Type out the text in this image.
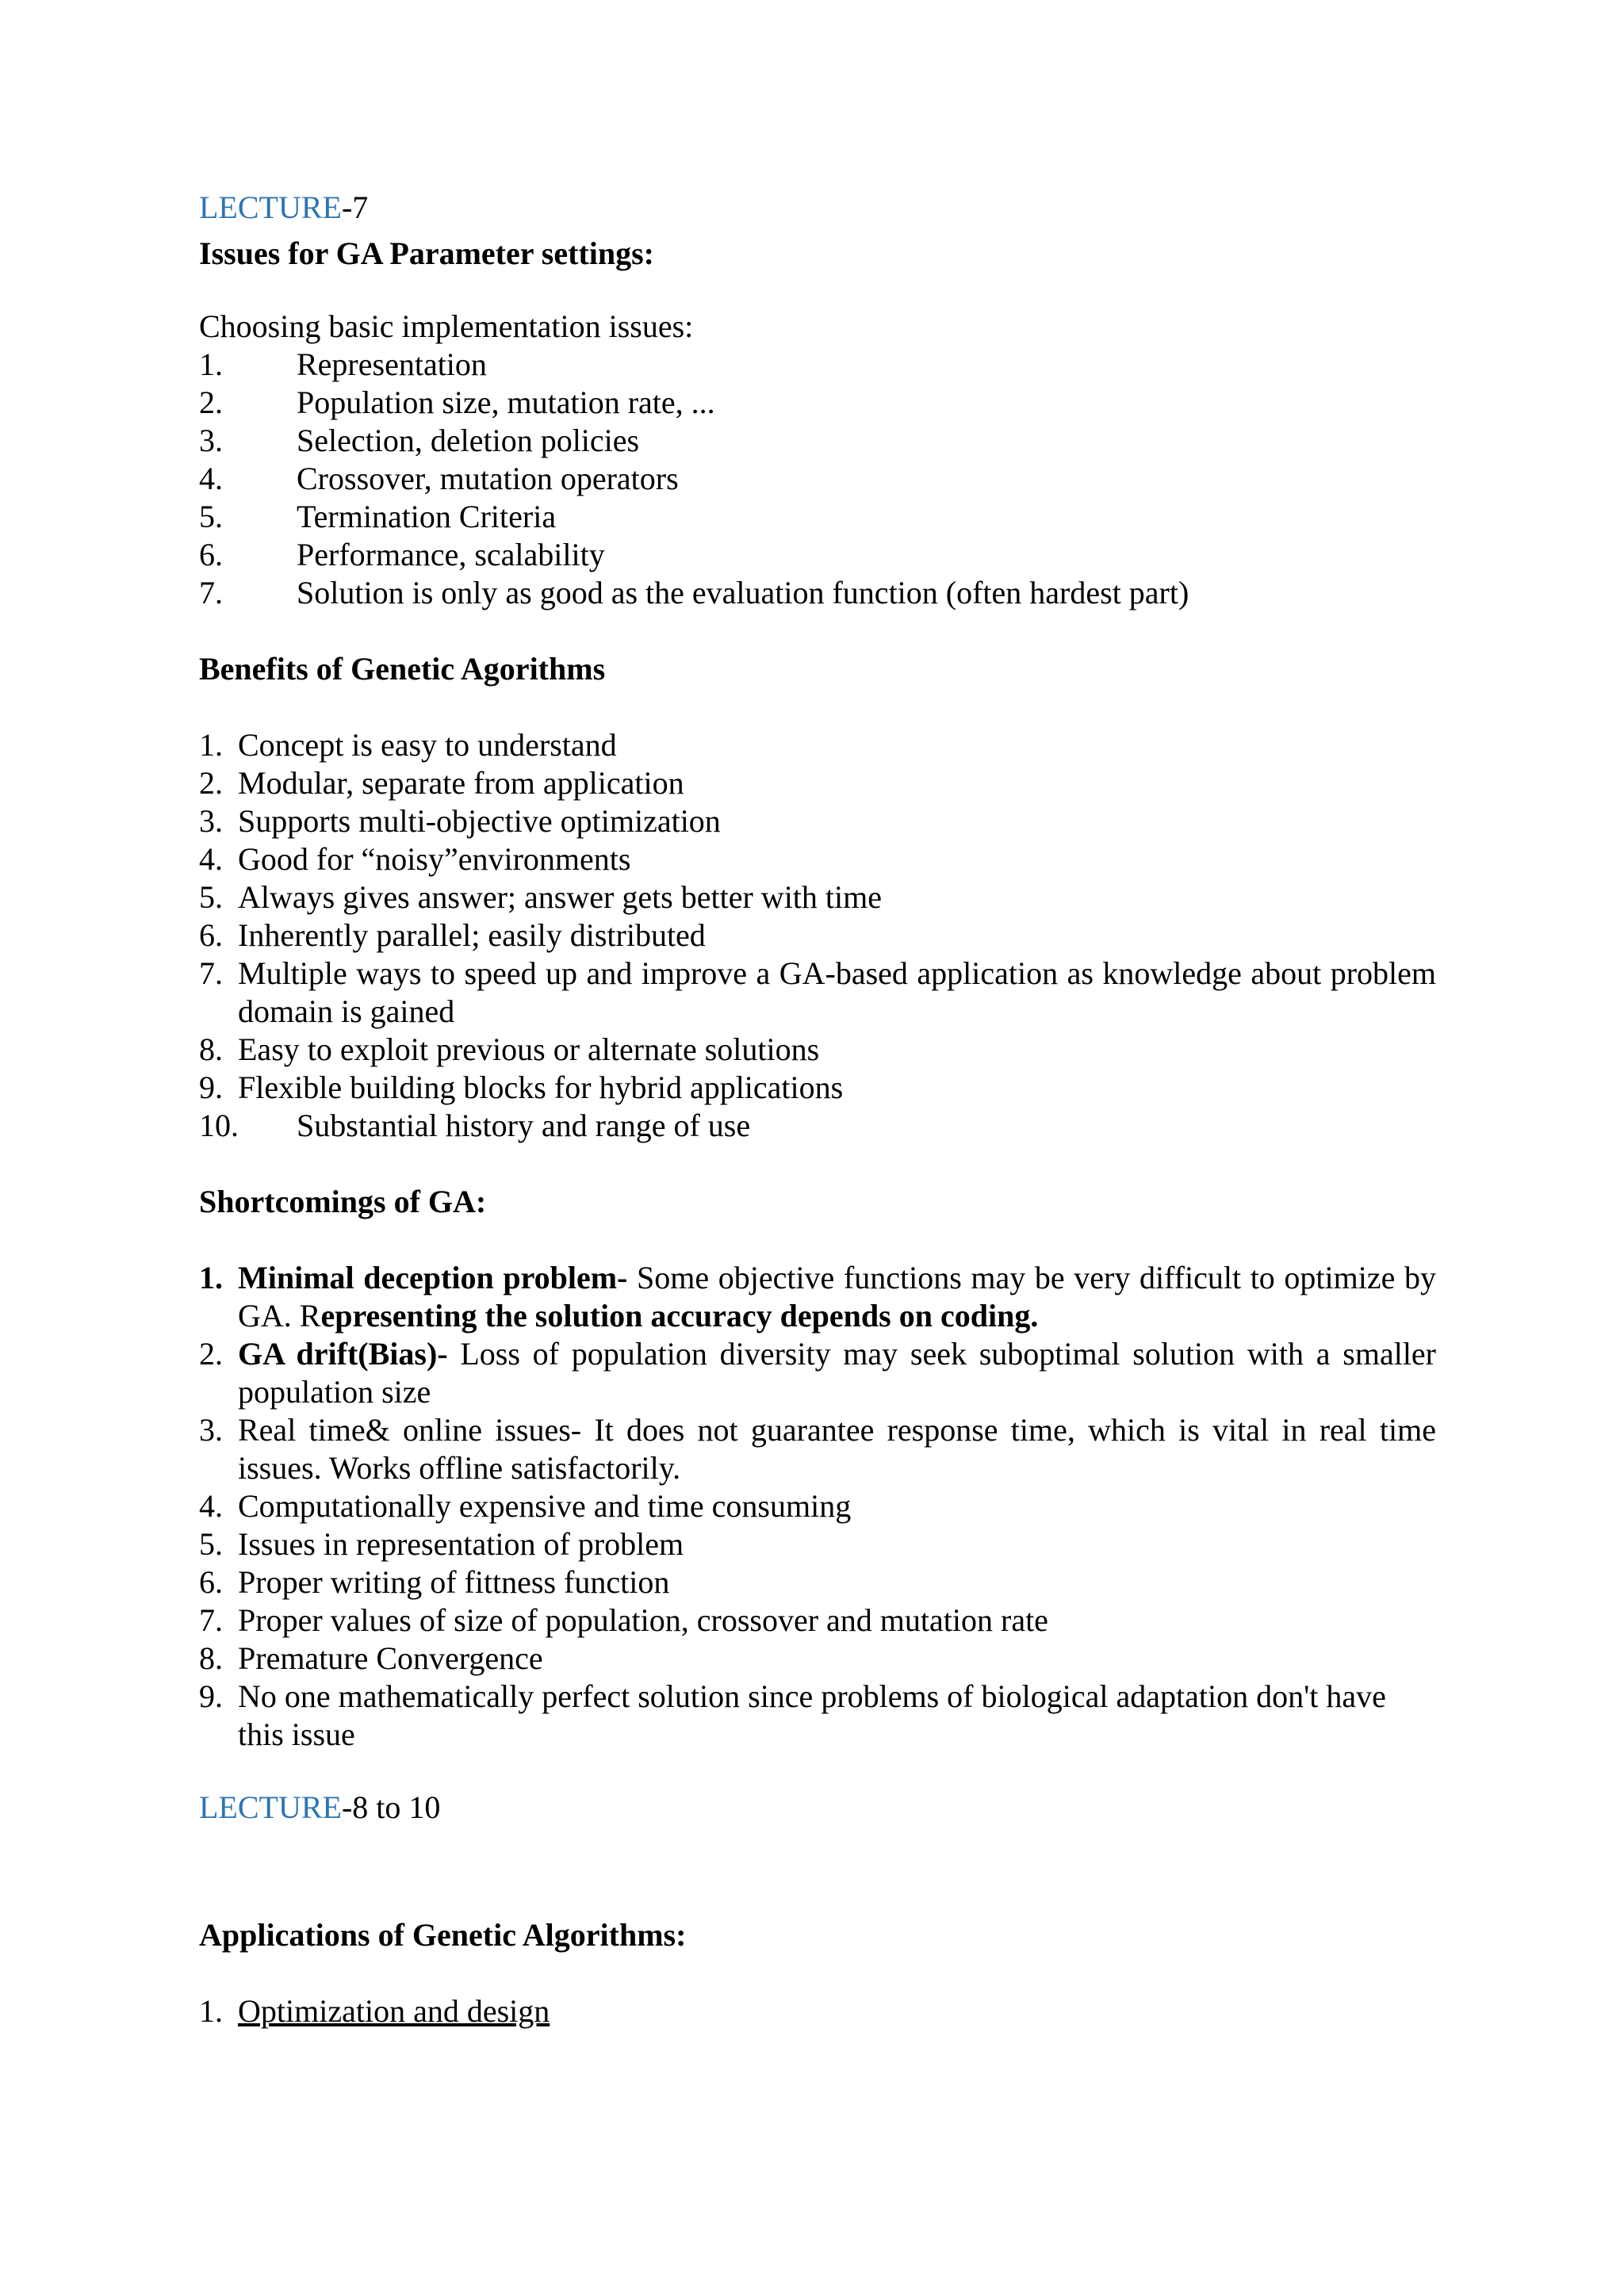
LECTURE-7

Issues for GA Parameter settings:

Choosing basic implementation issues:

1. Representation
2. Population size, mutation rate, ...
3. Selection, deletion policies
4. Crossover, mutation operators
5. Termination Criteria
6. Performance, scalability
7. Solution is only as good as the evaluation function (often hardest part)

Benefits of Genetic Agorithms

1. Concept is easy to understand
2. Modular, separate from application
3. Supports multi-objective optimization
4. Good for “noisy”environments
5. Always gives answer; answer gets better with time
6. Inherently parallel; easily distributed
7. Multiple ways to speed up and improve a GA-based application as knowledge about problem domain is gained
8. Easy to exploit previous or alternate solutions
9. Flexible building blocks for hybrid applications
10. Substantial history and range of use

Shortcomings of GA:

1. Minimal deception problem- Some objective functions may be very difficult to optimize by GA. Representing the solution accuracy depends on coding.
2. GA drift(Bias)- Loss of population diversity may seek suboptimal solution with a smaller population size
3. Real time& online issues- It does not guarantee response time, which is vital in real time issues. Works offline satisfactorily.
4. Computationally expensive and time consuming
5. Issues in representation of problem
6. Proper writing of fittness function
7. Proper values of size of population, crossover and mutation rate
8. Premature Convergence
9. No one mathematically perfect solution since problems of biological adaptation don't have this issue

LECTURE-8 to 10

Applications of Genetic Algorithms:

1. Optimization and design
